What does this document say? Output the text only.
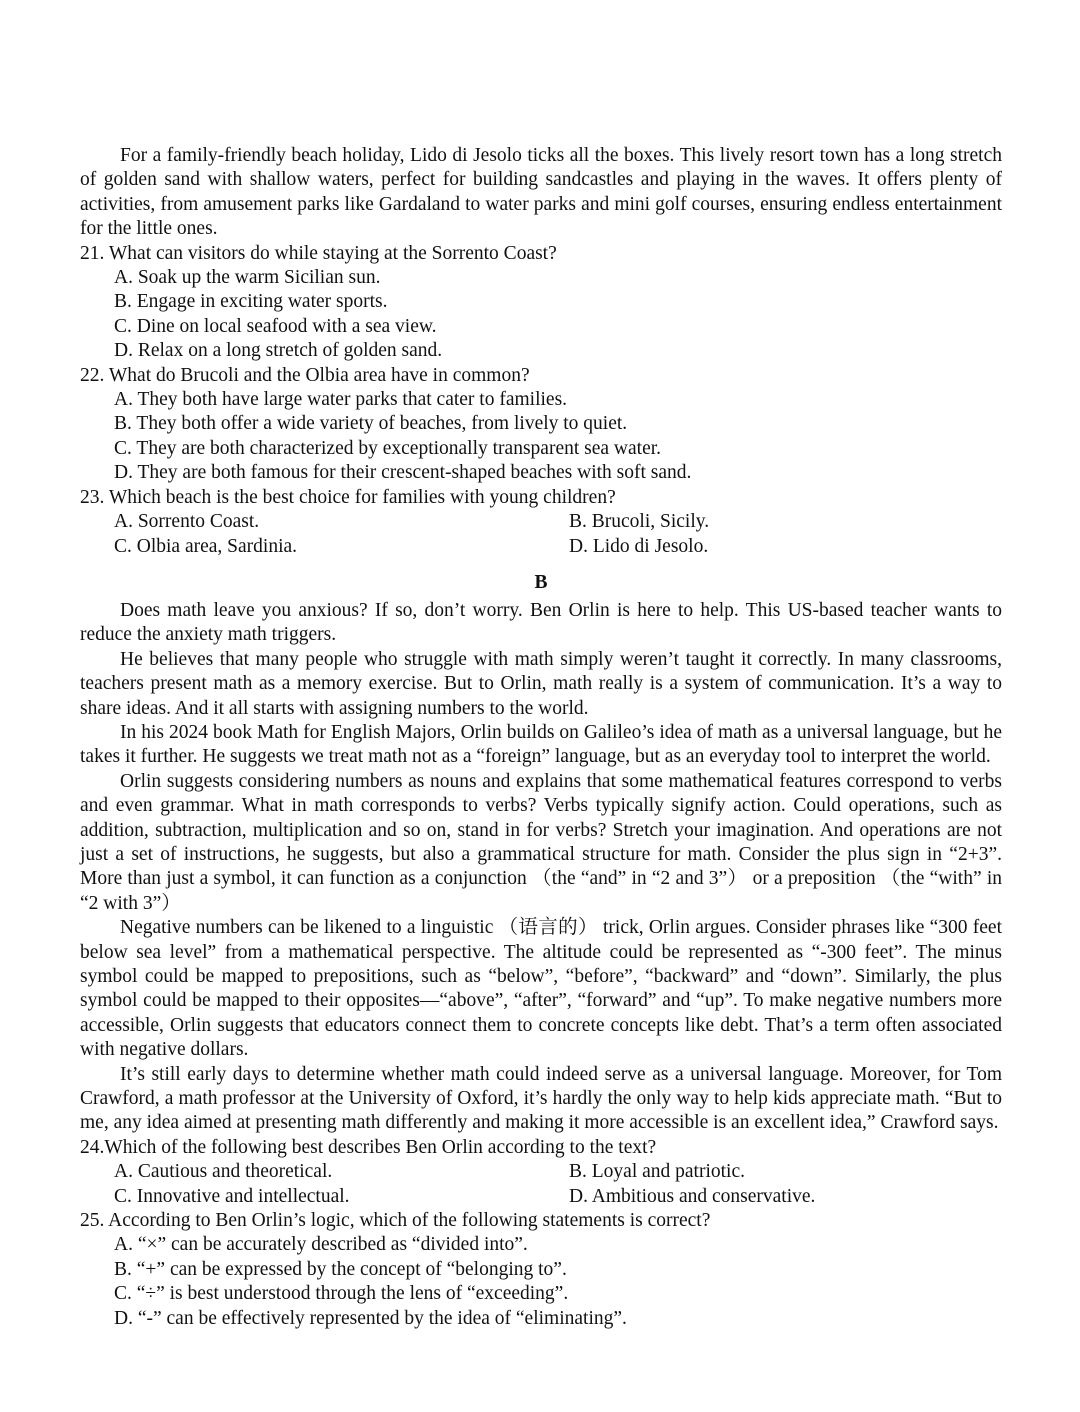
For a family-friendly beach holiday, Lido di Jesolo ticks all the boxes. This lively resort town has a long stretch of golden sand with shallow waters, perfect for building sandcastles and playing in the waves. It offers plenty of activities, from amusement parks like Gardaland to water parks and mini golf courses, ensuring endless entertainment for the little ones.

21. What can visitors do while staying at the Sorrento Coast?

A. Soak up the warm Sicilian sun.

B. Engage in exciting water sports.

C. Dine on local seafood with a sea view.

D. Relax on a long stretch of golden sand.

22. What do Brucoli and the Olbia area have in common?

A. They both have large water parks that cater to families.

B. They both offer a wide variety of beaches, from lively to quiet.

C. They are both characterized by exceptionally transparent sea water.

D. They are both famous for their crescent-shaped beaches with soft sand.

23. Which beach is the best choice for families with young children?

A. Sorrento Coast.	B. Brucoli, Sicily.
C. Olbia area, Sardinia.	D. Lido di Jesolo.
B

Does math leave you anxious? If so, don’t worry. Ben Orlin is here to help. This US-based teacher wants to reduce the anxiety math triggers.

He believes that many people who struggle with math simply weren’t taught it correctly. In many classrooms, teachers present math as a memory exercise. But to Orlin, math really is a system of communication. It’s a way to share ideas. And it all starts with assigning numbers to the world.

In his 2024 book Math for English Majors, Orlin builds on Galileo’s idea of math as a universal language, but he takes it further. He suggests we treat math not as a “foreign” language, but as an everyday tool to interpret the world.

Orlin suggests considering numbers as nouns and explains that some mathematical features correspond to verbs and even grammar. What in math corresponds to verbs? Verbs typically signify action. Could operations, such as addition, subtraction, multiplication and so on, stand in for verbs? Stretch your imagination. And operations are not just a set of instructions, he suggests, but also a grammatical structure for math. Consider the plus sign in “2+3”. More than just a symbol, it can function as a conjunction （the “and” in “2 and 3”） or a preposition （the “with” in “2 with 3”）

Negative numbers can be likened to a linguistic （语言的） trick, Orlin argues. Consider phrases like “300 feet below sea level” from a mathematical perspective. The altitude could be represented as “-300 feet”. The minus symbol could be mapped to prepositions, such as “below”, “before”, “backward” and “down”. Similarly, the plus symbol could be mapped to their opposites—“above”, “after”, “forward” and “up”. To make negative numbers more accessible, Orlin suggests that educators connect them to concrete concepts like debt. That’s a term often associated with negative dollars.

It’s still early days to determine whether math could indeed serve as a universal language. Moreover, for Tom Crawford, a math professor at the University of Oxford, it’s hardly the only way to help kids appreciate math. “But to me, any idea aimed at presenting math differently and making it more accessible is an excellent idea,” Crawford says.

24.Which of the following best describes Ben Orlin according to the text?

A. Cautious and theoretical.	B. Loyal and patriotic.
C. Innovative and intellectual.	D. Ambitious and conservative.

25. According to Ben Orlin’s logic, which of the following statements is correct?

A. “×” can be accurately described as “divided into”.

B. “+” can be expressed by the concept of “belonging to”.

C. “÷” is best understood through the lens of “exceeding”.

D. “-” can be effectively represented by the idea of “eliminating”.
